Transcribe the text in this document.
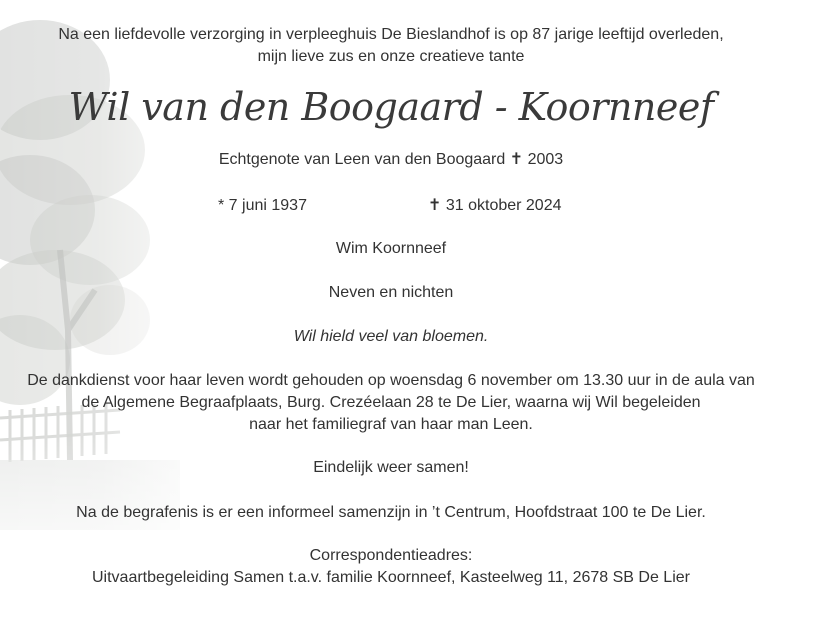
Na een liefdevolle verzorging in verpleeghuis De Bieslandhof is op 87 jarige leeftijd overleden,
mijn lieve zus en onze creatieve tante
Wil van den Boogaard - Koornneef
Echtgenote van Leen van den Boogaard ✝ 2003
* 7 juni 1937	✝ 31 oktober 2024
Wim Koornneef
Neven en nichten
Wil hield veel van bloemen.
De dankdienst voor haar leven wordt gehouden op woensdag 6 november om 13.30 uur in de aula van
de Algemene Begraafplaats, Burg. Crezéelaan 28 te De Lier, waarna wij Wil begeleiden
naar het familiegraf van haar man Leen.
Eindelijk weer samen!
Na de begrafenis is er een informeel samenzijn in ’t Centrum, Hoofdstraat 100 te De Lier.
Correspondentieadres:
Uitvaartbegeleiding Samen t.a.v. familie Koornneef, Kasteelweg 11, 2678 SB De Lier
